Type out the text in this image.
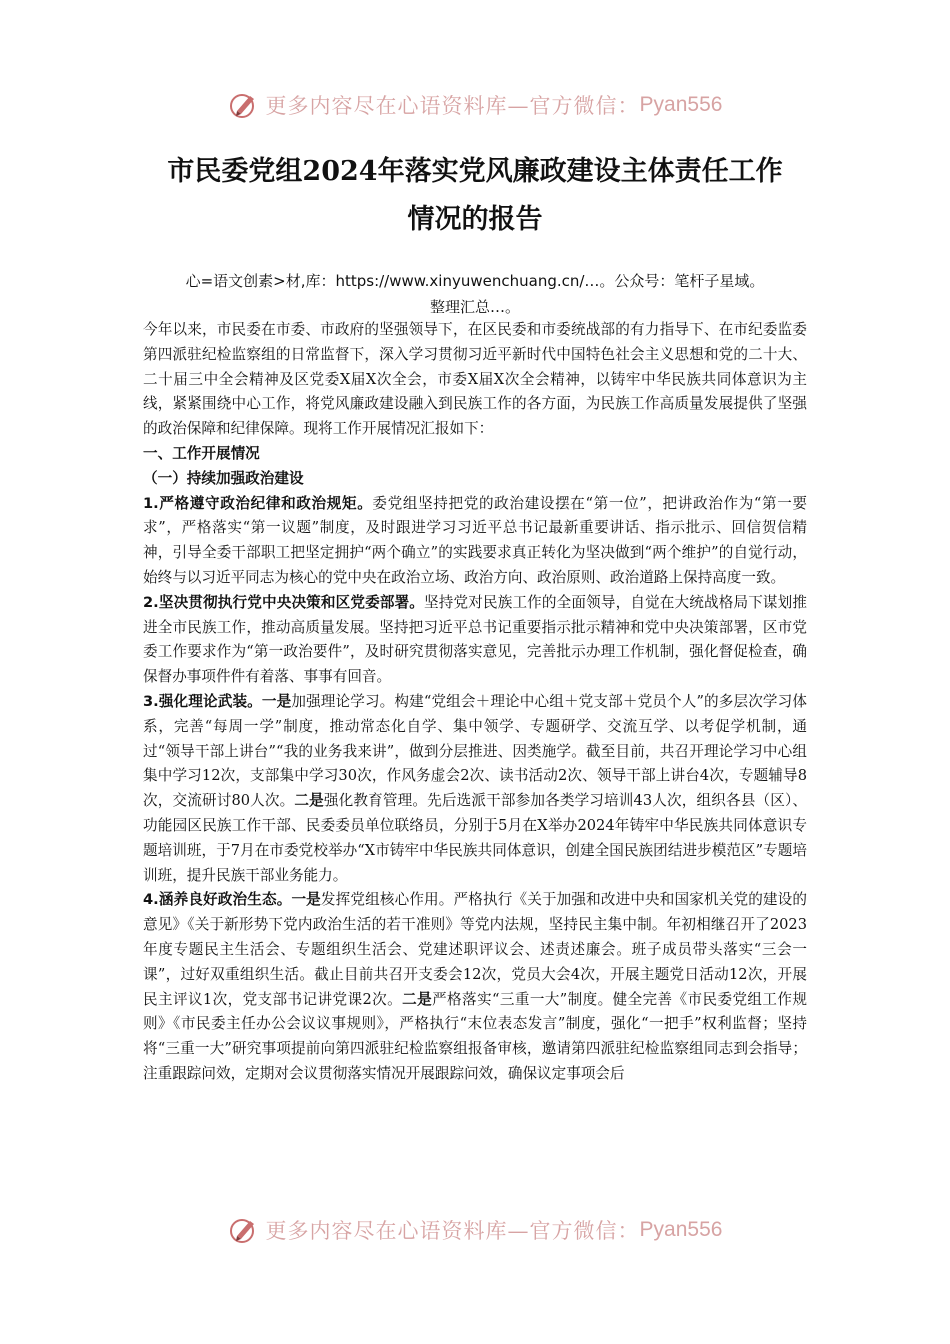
更多内容尽在心语资料库—官方微信： Pyan556
市民委党组2024年落实党风廉政建设主体责任工作
情况的报告
心=语文创素>材,库：https://www.xinyuwenchuang.cn/…。公众号：笔杆子星域。
整理汇总…。

今年以来，市民委在市委、市政府的坚强领导下，在区民委和市委统战部的有力指导下、在市纪委监委第四派驻纪检监察组的日常监督下，深入学习贯彻习近平新时代中国特色社会主义思想和党的二十大、二十届三中全会精神及区党委X届X次全会，市委X届X次全会精神，以铸牢中华民族共同体意识为主线，紧紧围绕中心工作，将党风廉政建设融入到民族工作的各方面，为民族工作高质量发展提供了坚强的政治保障和纪律保障。现将工作开展情况汇报如下：

一、工作开展情况

（一）持续加强政治建设

1.严格遵守政治纪律和政治规矩。委党组坚持把党的政治建设摆在“第一位”，把讲政治作为“第一要求”，严格落实“第一议题”制度，及时跟进学习习近平总书记最新重要讲话、指示批示、回信贺信精神，引导全委干部职工把坚定拥护“两个确立”的实践要求真正转化为坚决做到“两个维护”的自觉行动，始终与以习近平同志为核心的党中央在政治立场、政治方向、政治原则、政治道路上保持高度一致。

2.坚决贯彻执行党中央决策和区党委部署。坚持党对民族工作的全面领导，自觉在大统战格局下谋划推进全市民族工作，推动高质量发展。坚持把习近平总书记重要指示批示精神和党中央决策部署，区市党委工作要求作为“第一政治要件”，及时研究贯彻落实意见，完善批示办理工作机制，强化督促检查，确保督办事项件件有着落、事事有回音。

3.强化理论武装。一是加强理论学习。构建“党组会＋理论中心组＋党支部＋党员个人”的多层次学习体系，完善“每周一学”制度，推动常态化自学、集中领学、专题研学、交流互学、以考促学机制，通过“领导干部上讲台”“我的业务我来讲”，做到分层推进、因类施学。截至目前，共召开理论学习中心组集中学习12次，支部集中学习30次，作风务虚会2次、读书活动2次、领导干部上讲台4次，专题辅导8次，交流研讨80人次。二是强化教育管理。先后选派干部参加各类学习培训43人次，组织各县（区）、功能园区民族工作干部、民委委员单位联络员，分别于5月在X举办2024年铸牢中华民族共同体意识专题培训班，于7月在市委党校举办“X市铸牢中华民族共同体意识，创建全国民族团结进步模范区”专题培训班，提升民族干部业务能力。

4.涵养良好政治生态。一是发挥党组核心作用。严格执行《关于加强和改进中央和国家机关党的建设的意见》《关于新形势下党内政治生活的若干准则》等党内法规，坚持民主集中制。年初相继召开了2023年度专题民主生活会、专题组织生活会、党建述职评议会、述责述廉会。班子成员带头落实“三会一课”，过好双重组织生活。截止目前共召开支委会12次，党员大会4次，开展主题党日活动12次，开展民主评议1次，党支部书记讲党课2次。二是严格落实“三重一大”制度。健全完善《市民委党组工作规则》《市民委主任办公会议议事规则》，严格执行“末位表态发言”制度，强化“一把手”权利监督；坚持将“三重一大”研究事项提前向第四派驻纪检监察组报备审核，邀请第四派驻纪检监察组同志到会指导；注重跟踪问效，定期对会议贯彻落实情况开展跟踪问效，确保议定事项会后

更多内容尽在心语资料库—官方微信： Pyan556
